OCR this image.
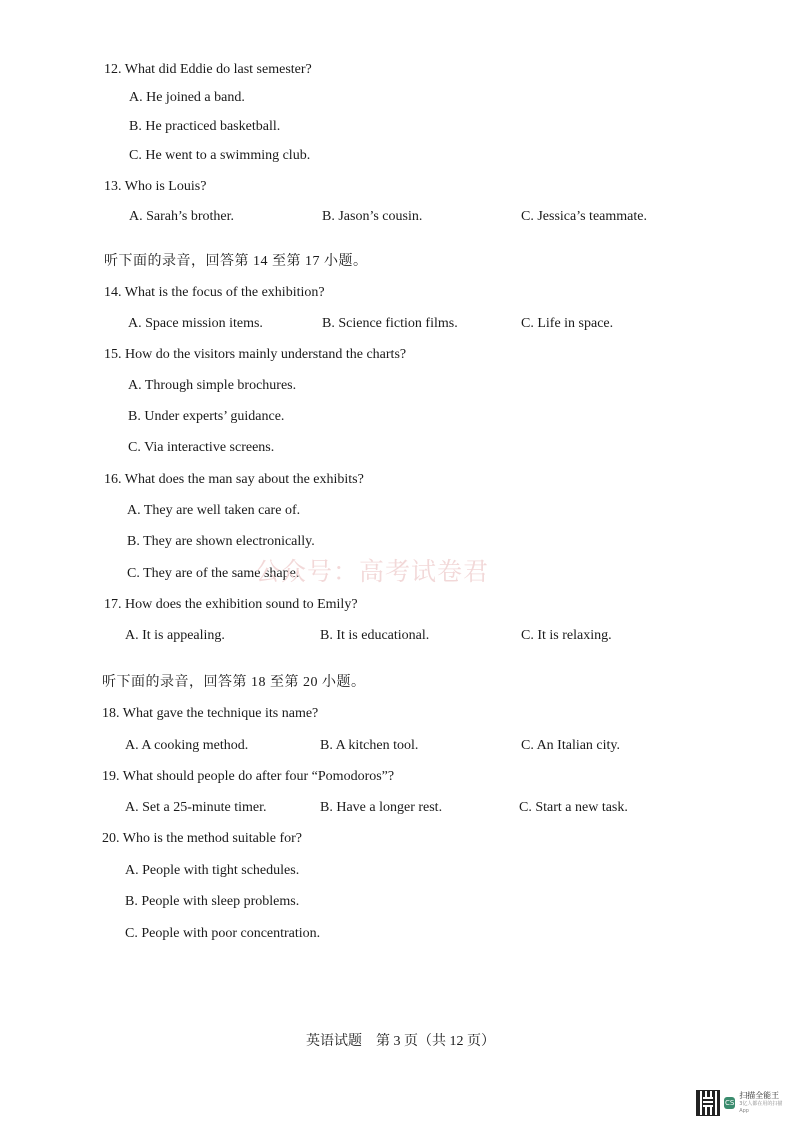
12. What did Eddie do last semester?
A. He joined a band.
B. He practiced basketball.
C. He went to a swimming club.
13. Who is Louis?
A. Sarah’s brother.	B. Jason’s cousin.	C. Jessica’s teammate.
听下面的录音，回答第 14 至第 17 小题。
14. What is the focus of the exhibition?
A. Space mission items.	B. Science fiction films.	C. Life in space.
15. How do the visitors mainly understand the charts?
A. Through simple brochures.
B. Under experts’ guidance.
C. Via interactive screens.
16. What does the man say about the exhibits?
A. They are well taken care of.
B. They are shown electronically.
C. They are of the same shape.
公众号：高考试卷君
17. How does the exhibition sound to Emily?
A. It is appealing.	B. It is educational.	C. It is relaxing.
听下面的录音，回答第 18 至第 20 小题。
18. What gave the technique its name?
A. A cooking method.	B. A kitchen tool.	C. An Italian city.
19. What should people do after four “Pomodoros”?
A. Set a 25-minute timer.	B. Have a longer rest.	C. Start a new task.
20. Who is the method suitable for?
A. People with tight schedules.
B. People with sleep problems.
C. People with poor concentration.
英语试题　第 3 页（共 12 页）
CS
扫描全能王
3亿人都在用的扫描App
